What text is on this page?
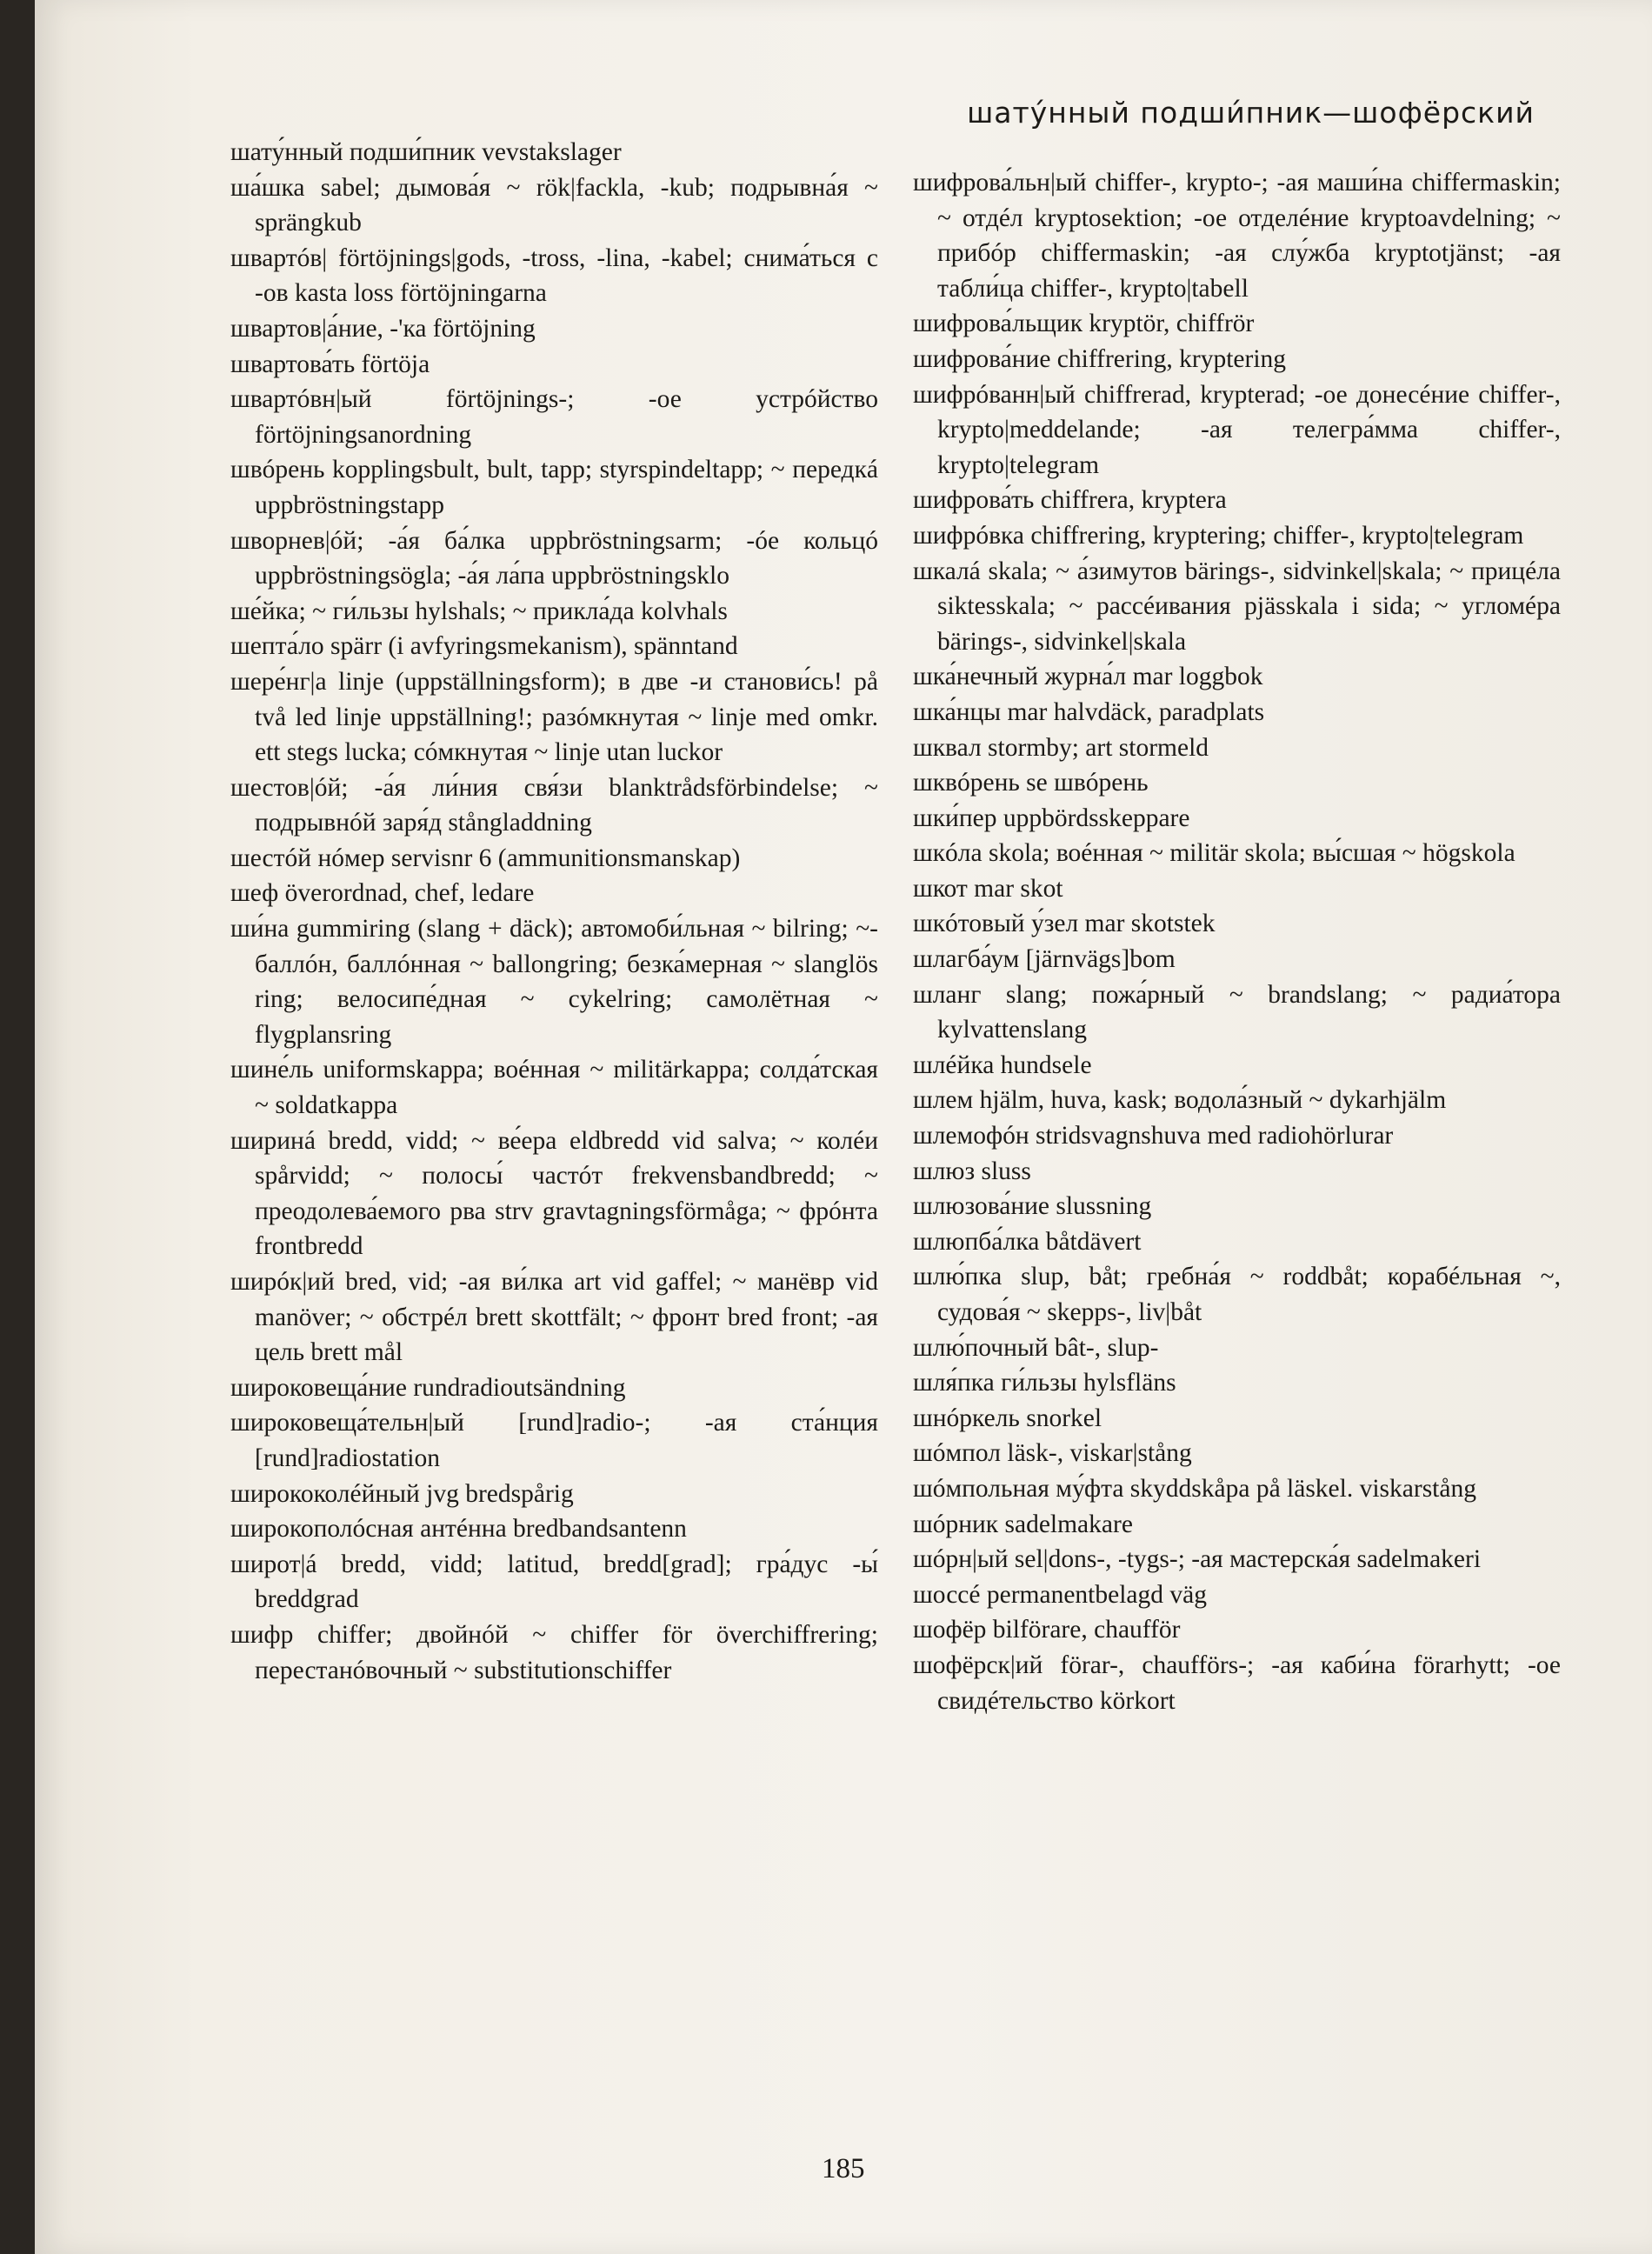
шату́нный подши́пник—шофёрский
шату́нный подши́пник vevstakslager
ша́шка sabel; дымова́я ~ rök|fackla, -kub; подрывна́я ~ sprängkub
швартóв| förtöjnings|gods, -tross, -lina, -kabel; снима́ться с -ов kasta loss förtöjningarna
швартов|а́ние, -'ка förtöjning
швартова́ть förtöja
швартóвн|ый förtöjnings-; -ое устрóйство förtöjningsanordning
швóрень kopplingsbult, bult, tapp; styrspindeltapp; ~ передкá uppbröstningstapp
шворнев|óй; -а́я ба́лка uppbröstningsarm; -óе кольцó uppbröstningsögla; -а́я ла́па uppbröstningsklo
ше́йка; ~ ги́льзы hylshals; ~ прикла́да kolvhals
шепта́ло spärr (i avfyringsmekanism), spänntand
шере́нг|а linje (uppställningsform); в две -и станови́сь! på två led linje uppställning!; разóмкнутая ~ linje med omkr. ett stegs lucka; сóмкнутая ~ linje utan luckor
шестов|óй; -а́я ли́ния свя́зи blanktrådsförbindelse; ~ подрывнóй заря́д stångladdning
шестóй нóмер servisnr 6 (ammunitionsmanskap)
шеф överordnad, chef, ledare
ши́на gummiring (slang + däck); автомоби́льная ~ bilring; ~-баллóн, баллóнная ~ ballongring; безка́мерная ~ slanglös ring; велосипе́дная ~ cykelring; самолётная ~ flygplansring
шине́ль uniformskappa; воéнная ~ militärkappa; солда́тская ~ soldatkappa
ширинá bredd, vidd; ~ ве́ера eldbredd vid salva; ~ колéи spårvidd; ~ полосы́ частóт frekvensbandbredd; ~ преодолева́емого рва strv gravtagningsförmåga; ~ фрóнта frontbredd
ширóк|ий bred, vid; -ая ви́лка art vid gaffel; ~ манёвр vid manöver; ~ обстрéл brett skottfält; ~ фронт bred front; -ая цель brett mål
широковеща́ние rundradioutsändning
широковеща́тельн|ый [rund]radio-; -ая ста́нция [rund]radiostation
ширококолéйный jvg bredspårig
широкополóсная антéнна bredbandsantenn
широт|á bredd, vidd; latitud, bredd[grad]; гра́дус -ы́ breddgrad
шифр chiffer; двойнóй ~ chiffer för överchiffrering; перестанóвочный ~ substitutionschiffer
шифрова́льн|ый chiffer-, krypto-; -ая маши́на chiffermaskin; ~ отдéл kryptosektion; -ое отделéние kryptoavdelning; ~ прибóр chiffermaskin; -ая слу́жба kryptotjänst; -ая табли́ца chiffer-, krypto|tabell
шифрова́льщик kryptör, chiffrör
шифрова́ние chiffrering, kryptering
шифрóванн|ый chiffrerad, krypterad; -ое донесéние chiffer-, krypto|meddelande; -ая телегра́мма chiffer-, krypto|telegram
шифрова́ть chiffrera, kryptera
шифрóвка chiffrering, kryptering; chiffer-, krypto|telegram
шкалá skala; ~ а́зимутов bärings-, sidvinkel|skala; ~ прицéла siktesskala; ~ рассéивания pjässkala i sida; ~ угломéра bärings-, sidvinkel|skala
шка́нечный журна́л mar loggbok
шка́нцы mar halvdäck, paradplats
шквал stormby; art stormeld
шквóрень se швóрень
шки́пер uppbördsskeppare
шкóла skola; воéнная ~ militär skola; вы́сшая ~ högskola
шкот mar skot
шкóтовый у́зел mar skotstek
шлагба́ум [järnvägs]bom
шланг slang; пожа́рный ~ brandslang; ~ радиа́тора kylvattenslang
шлéйка hundsele
шлем hjälm, huva, kask; водола́зный ~ dykarhjälm
шлемофóн stridsvagnshuva med radiohörlurar
шлюз sluss
шлюзова́ние slussning
шлюпба́лка båtdävert
шлю́пка slup, båt; гребна́я ~ roddbåt; корабéльная ~, судова́я ~ skepps-, liv|båt
шлю́почный bât-, slup-
шля́пка ги́льзы hylsfläns
шнóркель snorkel
шóмпол läsk-, viskar|stång
шóмпольная му́фта skyddskåpa på läskel. viskarstång
шóрник sadelmakare
шóрн|ый sel|dons-, -tygs-; -ая мастерска́я sadelmakeri
шоссé permanentbelagd väg
шофёр bilförare, chaufför
шофёрск|ий förar-, chaufförs-; -ая каби́на förarhytt; -ое свидéтельство körkort
185
